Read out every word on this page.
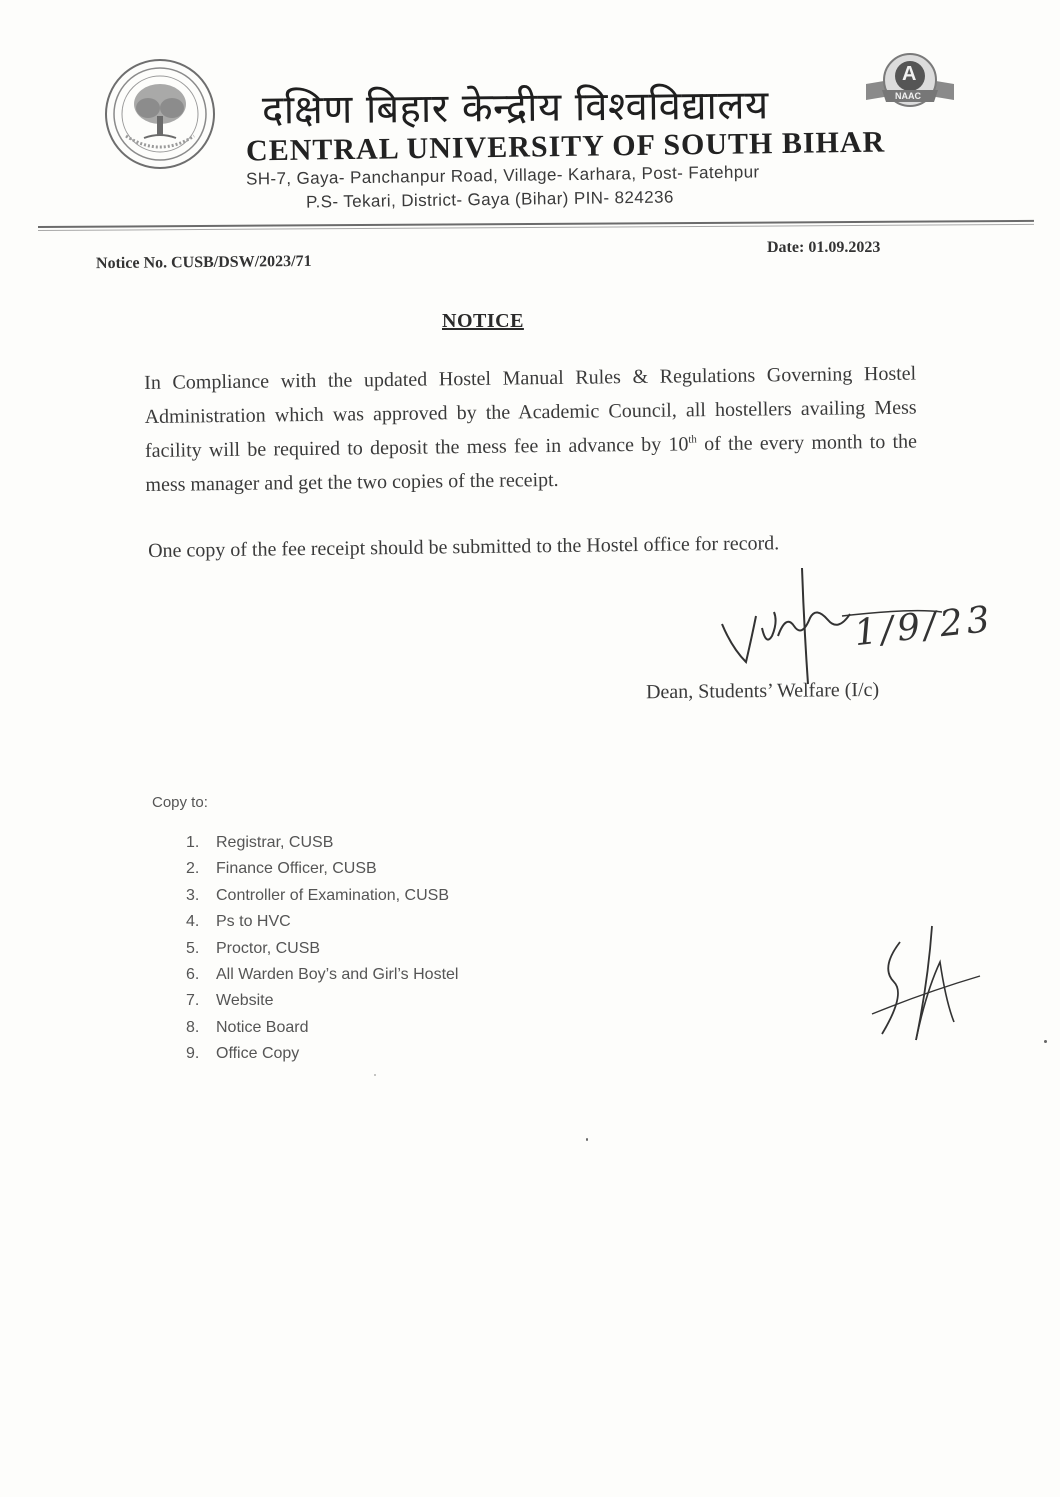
A
NAAC
दक्षिण बिहार केन्द्रीय विश्वविद्यालय
CENTRAL UNIVERSITY OF SOUTH BIHAR
SH-7, Gaya- Panchanpur Road, Village- Karhara, Post- Fatehpur
P.S- Tekari, District- Gaya (Bihar) PIN- 824236
Notice No. CUSB/DSW/2023/71
Date: 01.09.2023
NOTICE
In Compliance with the updated Hostel Manual Rules & Regulations Governing Hostel Administration which was approved by the Academic Council, all hostellers availing Mess facility will be required to deposit the mess fee in advance by 10th of the every month to the mess manager and get the two copies of the receipt.
One copy of the fee receipt should be submitted to the Hostel office for record.
1/9/23
Dean, Students’ Welfare (I/c)
Copy to:
1. Registrar, CUSB
2. Finance Officer, CUSB
3. Controller of Examination, CUSB
4. Ps to HVC
5. Proctor, CUSB
6. All Warden Boy’s and Girl’s Hostel
7. Website
8. Notice Board
9. Office Copy
